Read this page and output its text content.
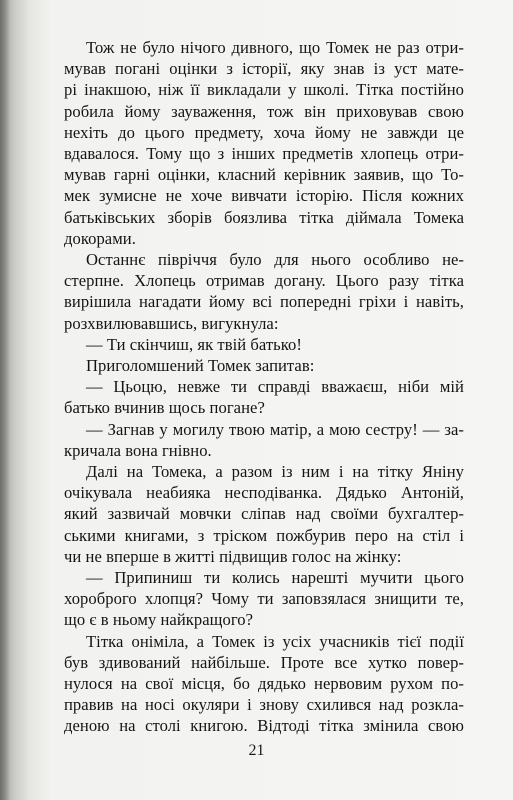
Тож не було нічого дивного, що Томек не раз отри-
мував погані оцінки з історії, яку знав із уст мате-
рі інакшою, ніж її викладали у школі. Тітка постійно
робила йому зауваження, тож він приховував свою
нехіть до цього предмету, хоча йому не завжди це
вдавалося. Тому що з інших предметів хлопець отри-
мував гарні оцінки, класний керівник заявив, що То-
мек зумисне не хоче вивчати історію. Після кожних
батьківських зборів боязлива тітка діймала Томека
докорами.
Останнє півріччя було для нього особливо не-
стерпне. Хлопець отримав догану. Цього разу тітка
вирішила нагадати йому всі попередні гріхи і навіть,
розхвилювавшись, вигукнула:
— Ти скінчиш, як твій батько!
Приголомшений Томек запитав:
— Цьоцю, невже ти справді вважаєш, ніби мій
батько вчинив щось погане?
— Загнав у могилу твою матір, а мою сестру! — за-
кричала вона гнівно.
Далі на Томека, а разом із ним і на тітку Яніну
очікувала неабияка несподіванка. Дядько Антоній,
який зазвичай мовчки сліпав над своїми бухгалтер-
ськими книгами, з тріском пожбурив перо на стіл і
чи не вперше в житті підвищив голос на жінку:
— Припиниш ти колись нарешті мучити цього
хороброго хлопця? Чому ти заповзялася знищити те,
що є в ньому найкращого?
Тітка оніміла, а Томек із усіх учасників тієї події
був здивований найбільше. Проте все хутко повер-
нулося на свої місця, бо дядько нервовим рухом по-
правив на носі окуляри і знову схилився над розкла-
деною на столі книгою. Відтоді тітка змінила свою
21
